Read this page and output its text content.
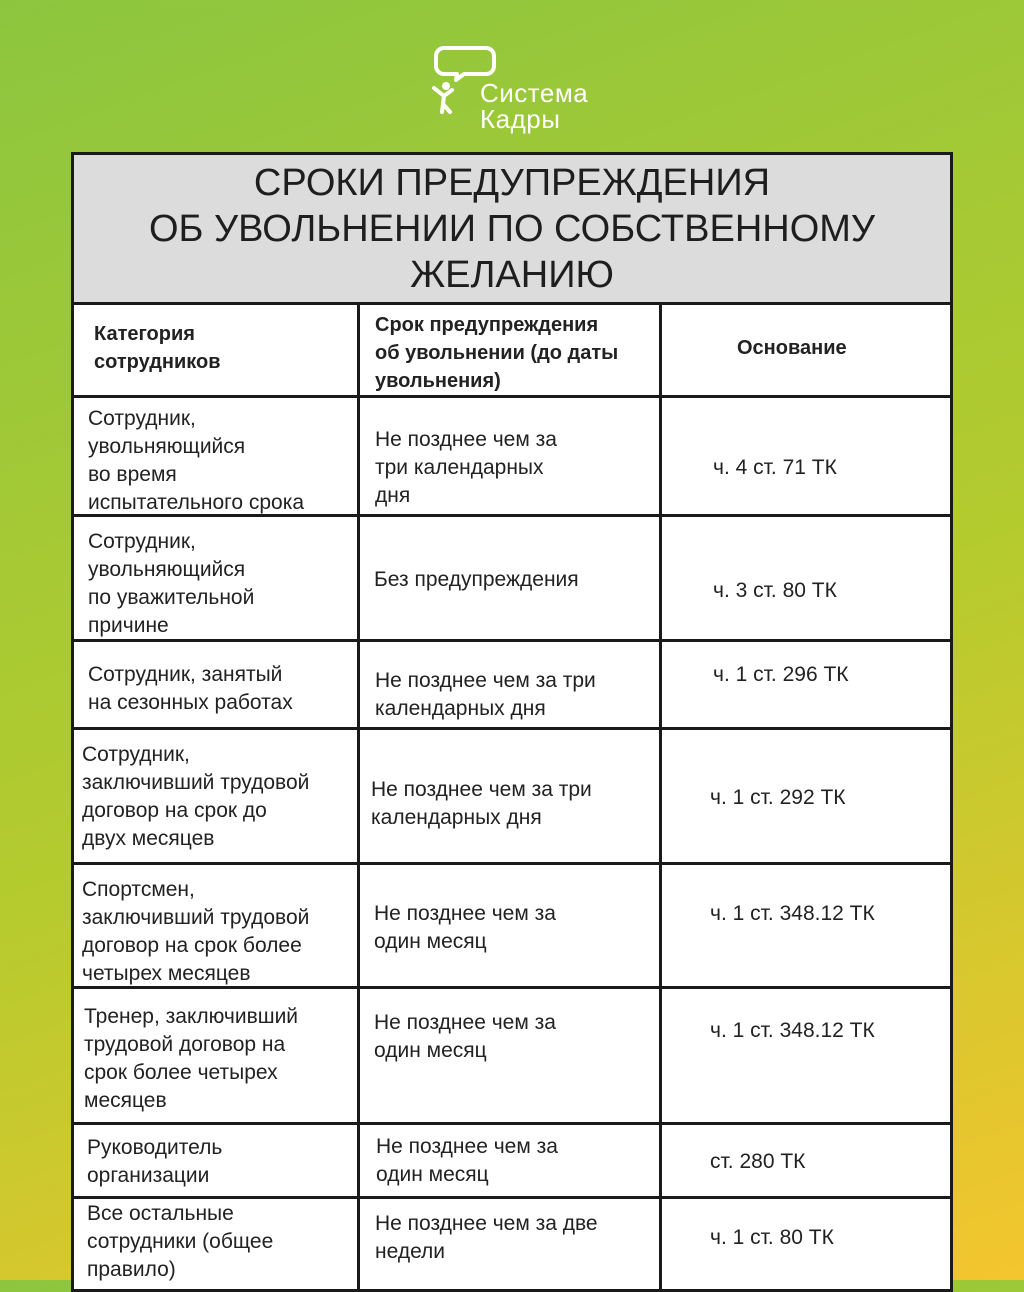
Система
Кадры
СРОКИ ПРЕДУПРЕЖДЕНИЯ
ОБ УВОЛЬНЕНИИ ПО СОБСТВЕННОМУ
ЖЕЛАНИЮ
Категория
сотрудников
Срок предупреждения
об увольнении (до даты
увольнения)
Основание
Сотрудник,
увольняющийся
во время
испытательного срока
Не позднее чем за
три календарных
дня
ч. 4 ст. 71 ТК
Сотрудник,
увольняющийся
по уважительной
причине
Без предупреждения	ч. 3 ст. 80 ТК
Сотрудник, занятый
на сезонных работах
Не позднее чем за три
календарных дня
ч. 1 ст. 296 ТК
Сотрудник,
заключивший трудовой
договор на срок до
двух месяцев
Не позднее чем за три
календарных дня
ч. 1 ст. 292 ТК
Спортсмен,
заключивший трудовой
договор на срок более
четырех месяцев
Не позднее чем за
один месяц
ч. 1 ст. 348.12 ТК
Тренер, заключивший
трудовой договор на
срок более четырех
месяцев
Не позднее чем за
один месяц
ч. 1 ст. 348.12 ТК
Руководитель
организации
Не позднее чем за
один месяц
ст. 280 ТК
Все остальные
сотрудники (общее
правило)
Не позднее чем за две
недели
ч. 1 ст. 80 ТК
